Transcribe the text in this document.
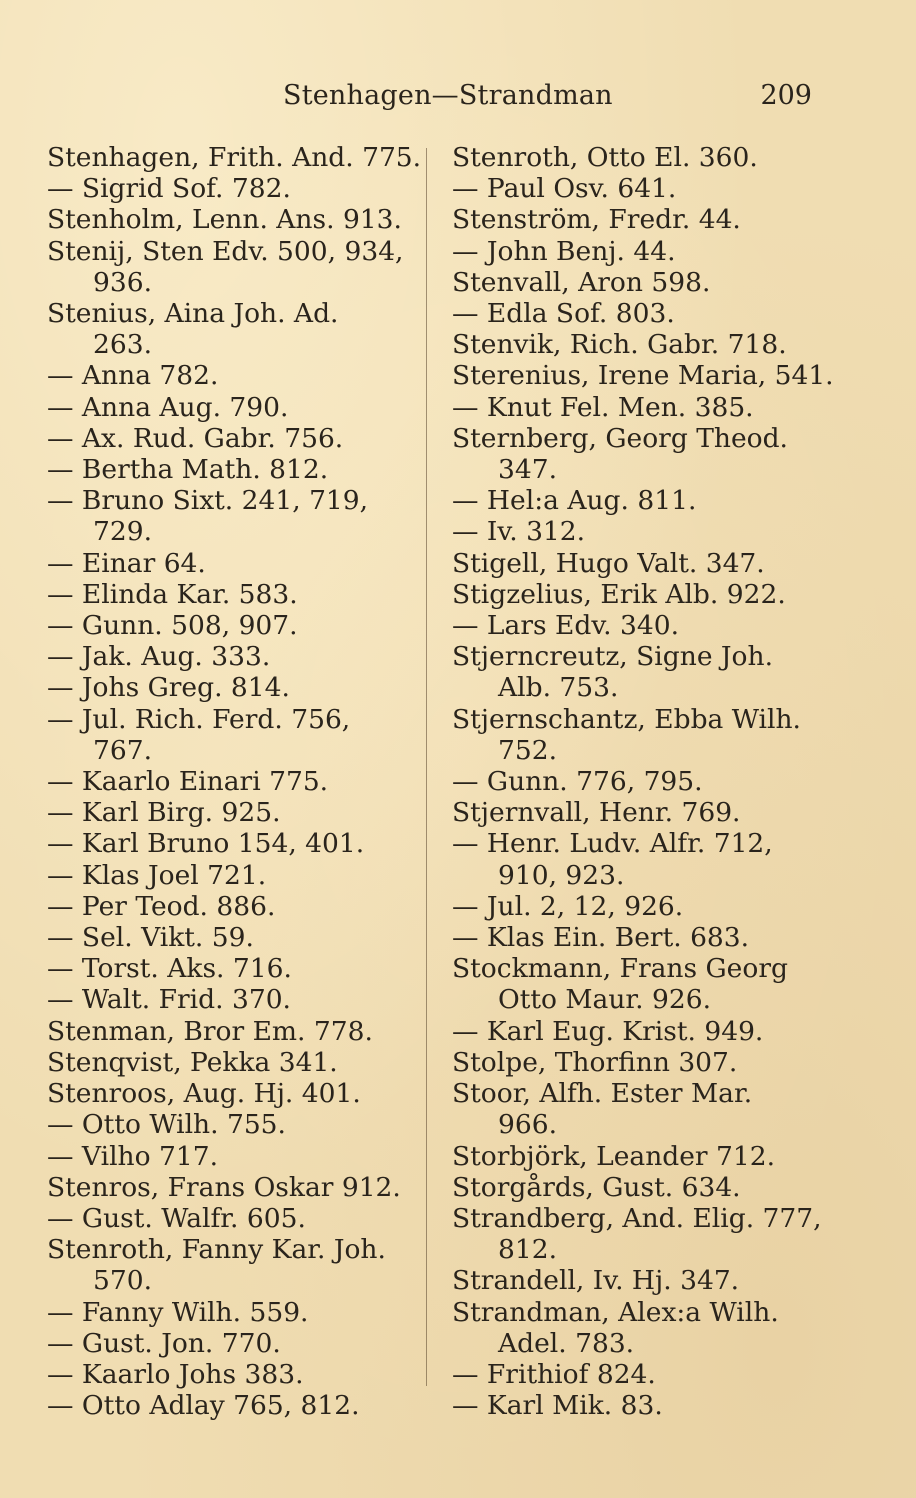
Stenhagen—Strandman	209
Stenhagen, Frith. And. 775.
— Sigrid Sof. 782.
Stenholm, Lenn. Ans. 913.
Stenij, Sten Edv. 500, 934,
936.
Stenius, Aina Joh. Ad.
263.
— Anna 782.
— Anna Aug. 790.
— Ax. Rud. Gabr. 756.
— Bertha Math. 812.
— Bruno Sixt. 241, 719,
729.
— Einar 64.
— Elinda Kar. 583.
— Gunn. 508, 907.
— Jak. Aug. 333.
— Johs Greg. 814.
— Jul. Rich. Ferd. 756,
767.
— Kaarlo Einari 775.
— Karl Birg. 925.
— Karl Bruno 154, 401.
— Klas Joel 721.
— Per Teod. 886.
— Sel. Vikt. 59.
— Torst. Aks. 716.
— Walt. Frid. 370.
Stenman, Bror Em. 778.
Stenqvist, Pekka 341.
Stenroos, Aug. Hj. 401.
— Otto Wilh. 755.
— Vilho 717.
Stenros, Frans Oskar 912.
— Gust. Walfr. 605.
Stenroth, Fanny Kar. Joh.
570.
— Fanny Wilh. 559.
— Gust. Jon. 770.
— Kaarlo Johs 383.
— Otto Adlay 765, 812.
Stenroth, Otto El. 360.
— Paul Osv. 641.
Stenström, Fredr. 44.
— John Benj. 44.
Stenvall, Aron 598.
— Edla Sof. 803.
Stenvik, Rich. Gabr. 718.
Sterenius, Irene Maria, 541.
— Knut Fel. Men. 385.
Sternberg, Georg Theod.
347.
— Hel:a Aug. 811.
— Iv. 312.
Stigell, Hugo Valt. 347.
Stigzelius, Erik Alb. 922.
— Lars Edv. 340.
Stjerncreutz, Signe Joh.
Alb. 753.
Stjernschantz, Ebba Wilh.
752.
— Gunn. 776, 795.
Stjernvall, Henr. 769.
— Henr. Ludv. Alfr. 712,
910, 923.
— Jul. 2, 12, 926.
— Klas Ein. Bert. 683.
Stockmann, Frans Georg
Otto Maur. 926.
— Karl Eug. Krist. 949.
Stolpe, Thorfinn 307.
Stoor, Alfh. Ester Mar.
966.
Storbjörk, Leander 712.
Storgårds, Gust. 634.
Strandberg, And. Elig. 777,
812.
Strandell, Iv. Hj. 347.
Strandman, Alex:a Wilh.
Adel. 783.
— Frithiof 824.
— Karl Mik. 83.
